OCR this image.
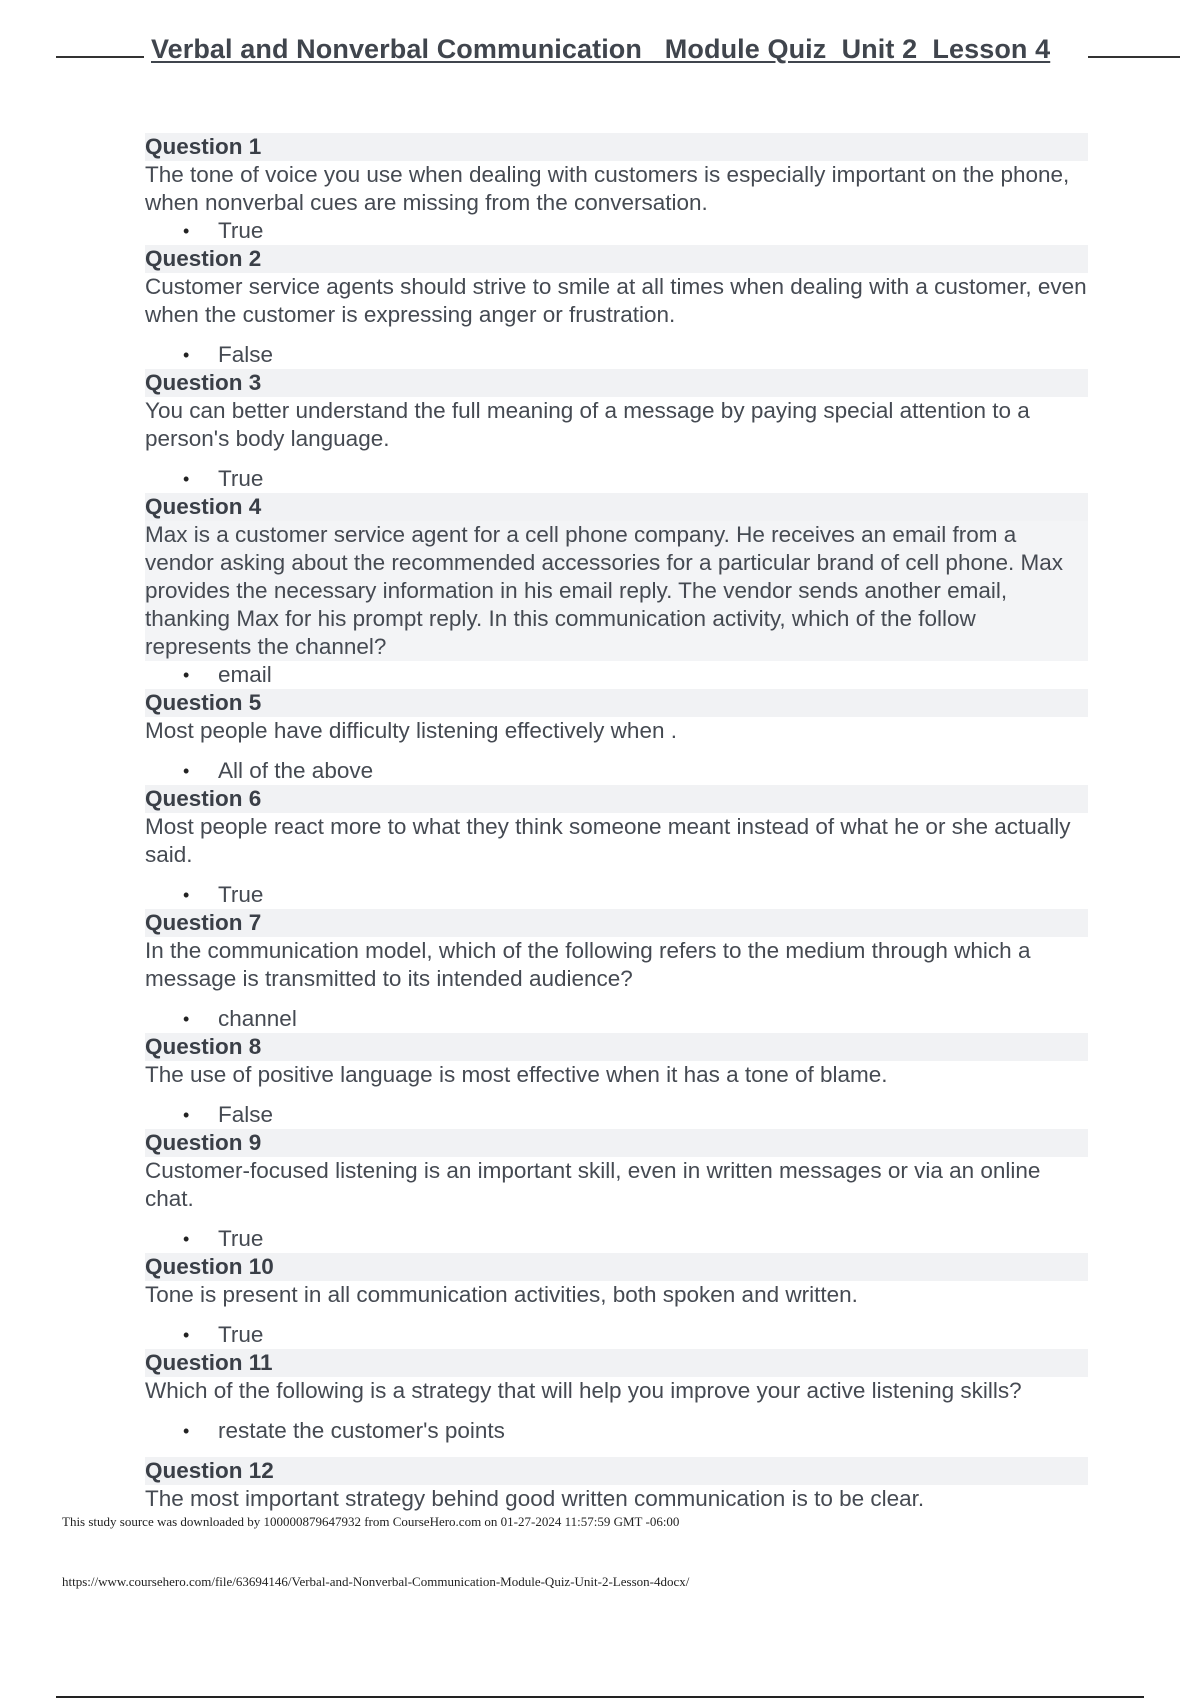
Verbal and Nonverbal Communication   Module Quiz  Unit 2  Lesson 4
Question 1
The tone of voice you use when dealing with customers is especially important on the phone, when nonverbal cues are missing from the conversation.
• True
Question 2
Customer service agents should strive to smile at all times when dealing with a customer, even when the customer is expressing anger or frustration.
• False
Question 3
You can better understand the full meaning of a message by paying special attention to a person's body language.
• True
Question 4
Max is a customer service agent for a cell phone company. He receives an email from a vendor asking about the recommended accessories for a particular brand of cell phone. Max provides the necessary information in his email reply. The vendor sends another email, thanking Max for his prompt reply. In this communication activity, which of the follow represents the channel?
• email
Question 5
Most people have difficulty listening effectively when .
• All of the above
Question 6
Most people react more to what they think someone meant instead of what he or she actually said.
• True
Question 7
In the communication model, which of the following refers to the medium through which a message is transmitted to its intended audience?
• channel
Question 8
The use of positive language is most effective when it has a tone of blame.
• False
Question 9
Customer-focused listening is an important skill, even in written messages or via an online chat.
• True
Question 10
Tone is present in all communication activities, both spoken and written.
• True
Question 11
Which of the following is a strategy that will help you improve your active listening skills?
• restate the customer's points
Question 12
The most important strategy behind good written communication is to be clear.
This study source was downloaded by 100000879647932 from CourseHero.com on 01-27-2024 11:57:59 GMT -06:00
https://www.coursehero.com/file/63694146/Verbal-and-Nonverbal-Communication-Module-Quiz-Unit-2-Lesson-4docx/
